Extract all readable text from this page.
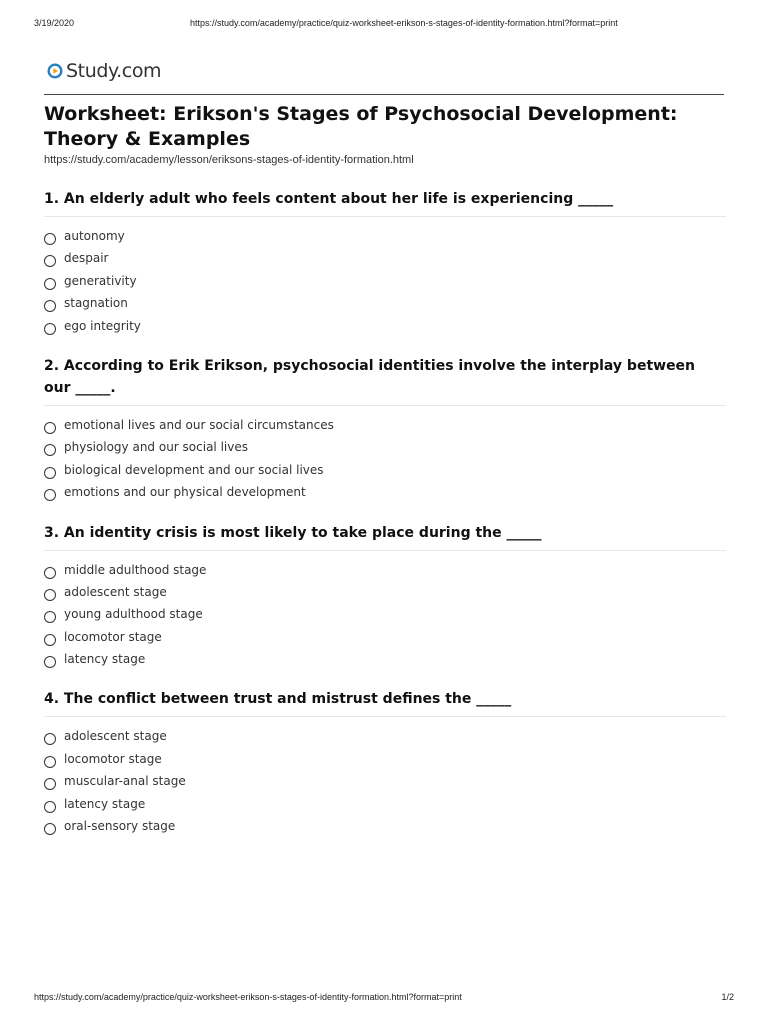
3/19/2020	https://study.com/academy/practice/quiz-worksheet-erikson-s-stages-of-identity-formation.html?format=print
Study.com
Worksheet: Erikson's Stages of Psychosocial Development: Theory & Examples
https://study.com/academy/lesson/eriksons-stages-of-identity-formation.html
1. An elderly adult who feels content about her life is experiencing _____
autonomy
despair
generativity
stagnation
ego integrity
2. According to Erik Erikson, psychosocial identities involve the interplay between our _____.
emotional lives and our social circumstances
physiology and our social lives
biological development and our social lives
emotions and our physical development
3. An identity crisis is most likely to take place during the _____
middle adulthood stage
adolescent stage
young adulthood stage
locomotor stage
latency stage
4. The conflict between trust and mistrust defines the _____
adolescent stage
locomotor stage
muscular-anal stage
latency stage
oral-sensory stage
https://study.com/academy/practice/quiz-worksheet-erikson-s-stages-of-identity-formation.html?format=print	1/2
